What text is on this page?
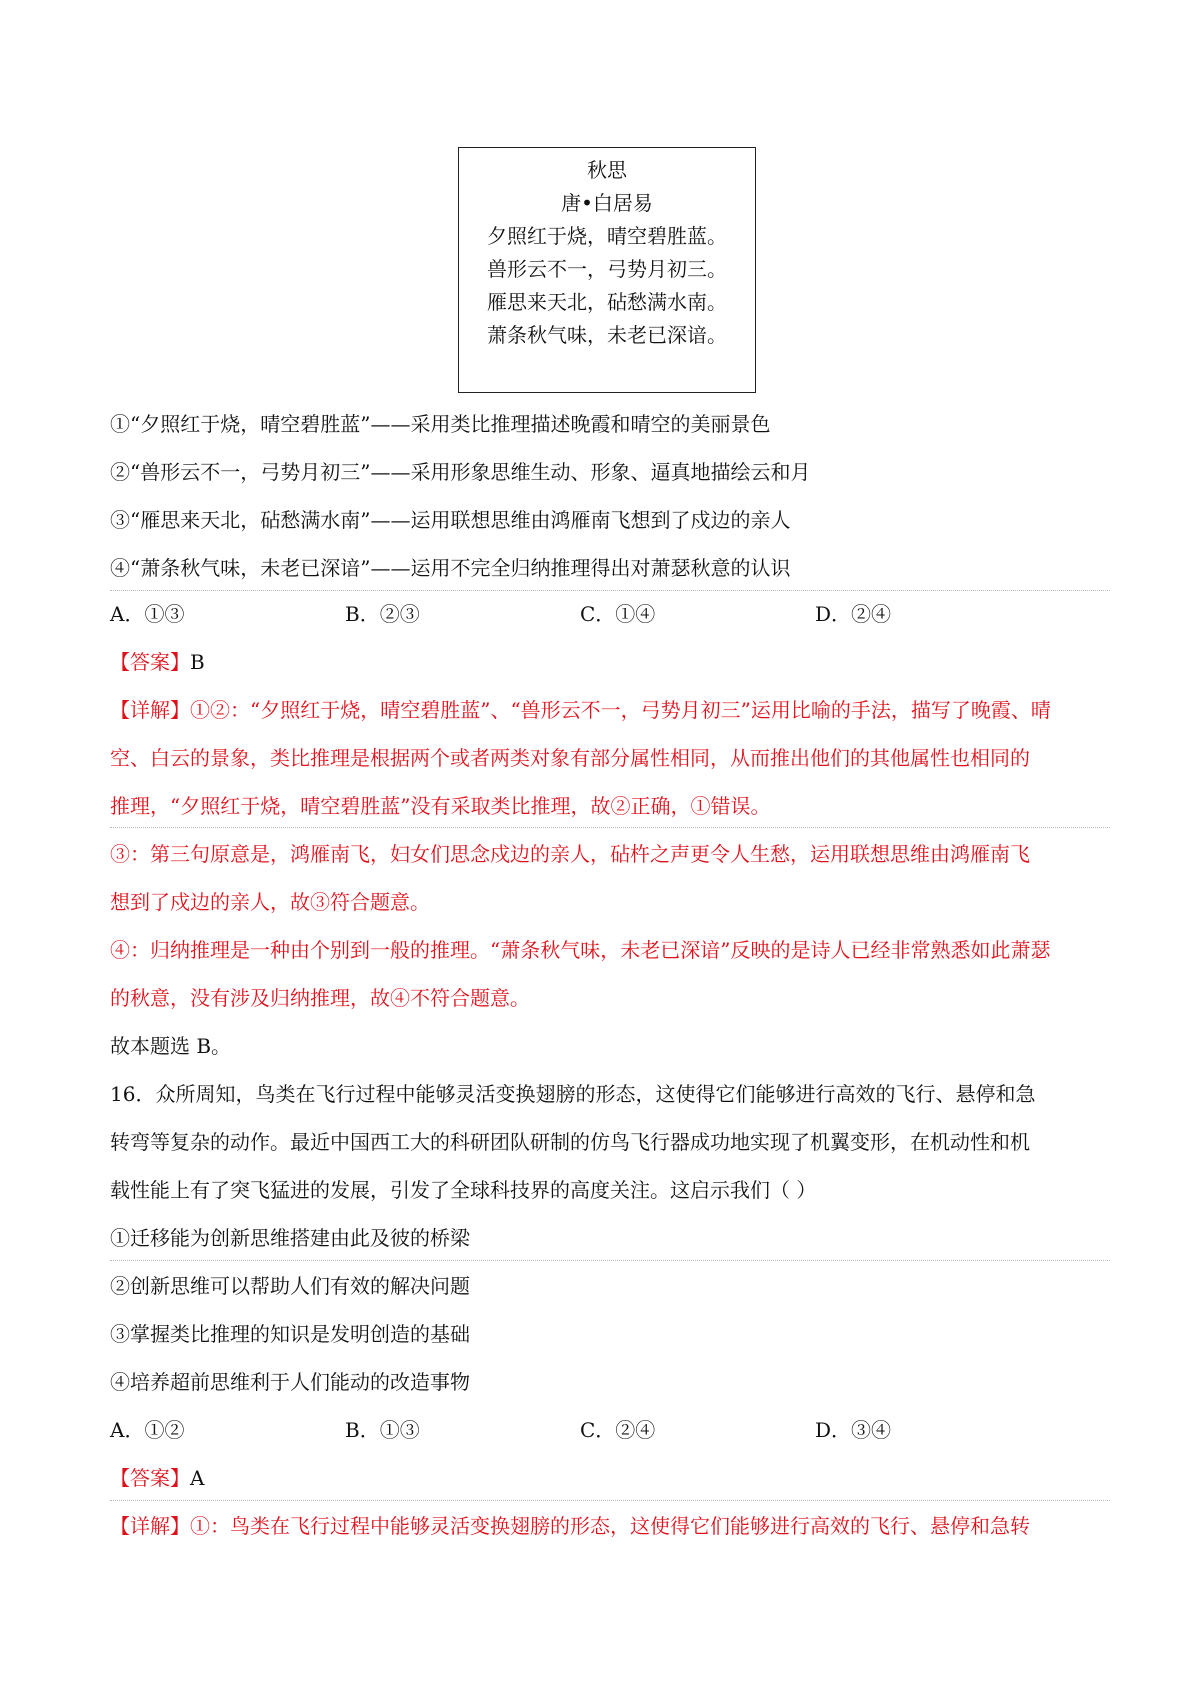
秋思
唐•白居易
夕照红于烧，晴空碧胜蓝。
兽形云不一，弓势月初三。
雁思来天北，砧愁满水南。
萧条秋气味，未老已深谙。
①“夕照红于烧，晴空碧胜蓝”——采用类比推理描述晚霞和晴空的美丽景色
②“兽形云不一，弓势月初三”——采用形象思维生动、形象、逼真地描绘云和月
③“雁思来天北，砧愁满水南”——运用联想思维由鸿雁南飞想到了戍边的亲人
④“萧条秋气味，未老已深谙”——运用不完全归纳推理得出对萧瑟秋意的认识
A．①③	B．②③	C．①④	D．②④
【答案】B
【详解】①②：“夕照红于烧，晴空碧胜蓝”、“兽形云不一，弓势月初三”运用比喻的手法，描写了晚霞、晴
空、白云的景象，类比推理是根据两个或者两类对象有部分属性相同，从而推出他们的其他属性也相同的
推理，“夕照红于烧，晴空碧胜蓝”没有采取类比推理，故②正确，①错误。
③：第三句原意是，鸿雁南飞，妇女们思念戍边的亲人，砧杵之声更令人生愁，运用联想思维由鸿雁南飞
想到了戍边的亲人，故③符合题意。
④：归纳推理是一种由个别到一般的推理。“萧条秋气味，未老已深谙”反映的是诗人已经非常熟悉如此萧瑟
的秋意，没有涉及归纳推理，故④不符合题意。
故本题选 B。
16．众所周知，鸟类在飞行过程中能够灵活变换翅膀的形态，这使得它们能够进行高效的飞行、悬停和急
转弯等复杂的动作。最近中国西工大的科研团队研制的仿鸟飞行器成功地实现了机翼变形，在机动性和机
载性能上有了突飞猛进的发展，引发了全球科技界的高度关注。这启示我们（ ）
①迁移能为创新思维搭建由此及彼的桥梁
②创新思维可以帮助人们有效的解决问题
③掌握类比推理的知识是发明创造的基础
④培养超前思维利于人们能动的改造事物
A．①②	B．①③	C．②④	D．③④
【答案】A
【详解】①：鸟类在飞行过程中能够灵活变换翅膀的形态，这使得它们能够进行高效的飞行、悬停和急转
